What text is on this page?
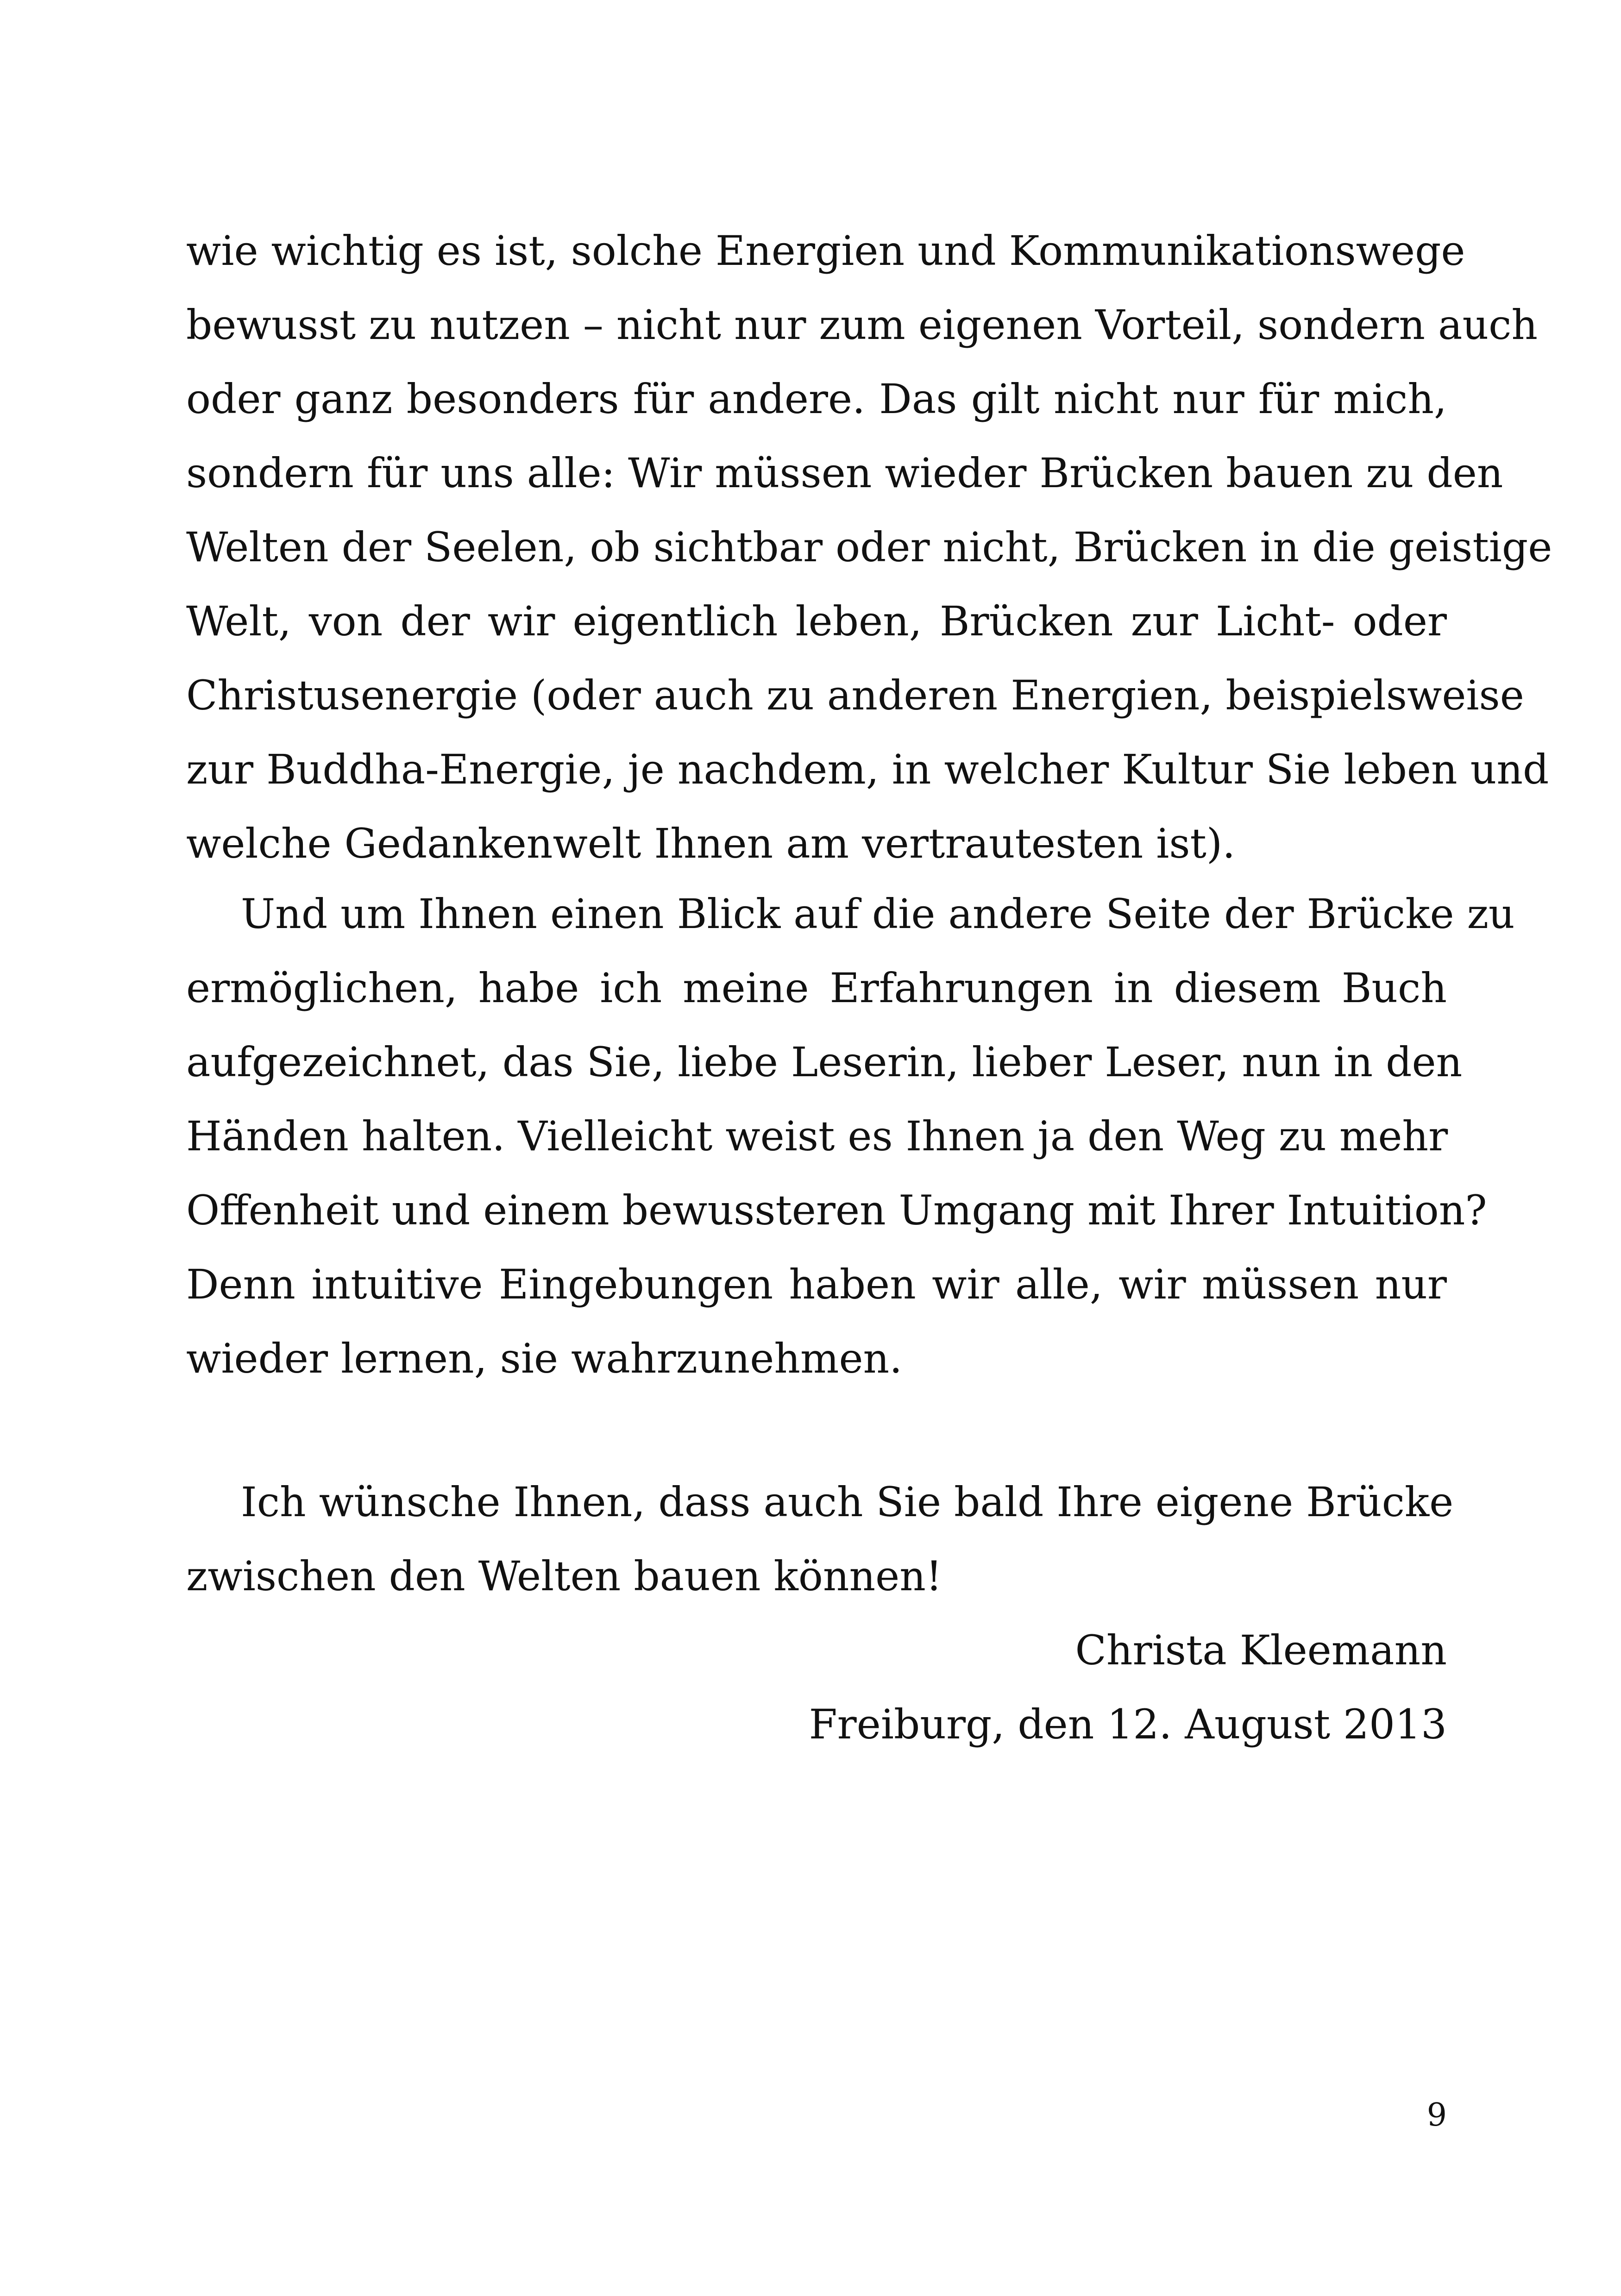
wie wichtig es ist, solche Energien und Kommunikationswege
bewusst zu nutzen – nicht nur zum eigenen Vorteil, sondern auch
oder ganz besonders für andere. Das gilt nicht nur für mich,
sondern für uns alle: Wir müssen wieder Brücken bauen zu den
Welten der Seelen, ob sichtbar oder nicht, Brücken in die geistige
Welt, von der wir eigentlich leben, Brücken zur Licht- oder
Christusenergie (oder auch zu anderen Energien, beispielsweise
zur Buddha-Energie, je nachdem, in welcher Kultur Sie leben und
welche Gedankenwelt Ihnen am vertrautesten ist).
Und um Ihnen einen Blick auf die andere Seite der Brücke zu
ermöglichen, habe ich meine Erfahrungen in diesem Buch
aufgezeichnet, das Sie, liebe Leserin, lieber Leser, nun in den
Händen halten. Vielleicht weist es Ihnen ja den Weg zu mehr
Offenheit und einem bewussteren Umgang mit Ihrer Intuition?
Denn intuitive Eingebungen haben wir alle, wir müssen nur
wieder lernen, sie wahrzunehmen.
Ich wünsche Ihnen, dass auch Sie bald Ihre eigene Brücke
zwischen den Welten bauen können!
Christa Kleemann
Freiburg, den 12. August 2013
9
